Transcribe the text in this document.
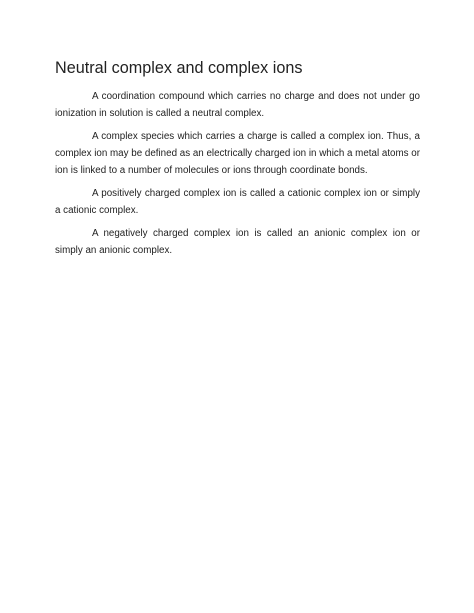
Neutral complex and complex ions

A coordination compound which carries no charge and does not under go ionization in solution is called a neutral complex.

A complex species which carries a charge is called a complex ion. Thus, a complex ion may be defined as an electrically charged ion in which a metal atoms or ion is linked to a number of molecules or ions through coordinate bonds.

A positively charged complex ion is called a cationic complex ion or simply a cationic complex.

A negatively charged complex ion is called an anionic complex ion or simply an anionic complex.
